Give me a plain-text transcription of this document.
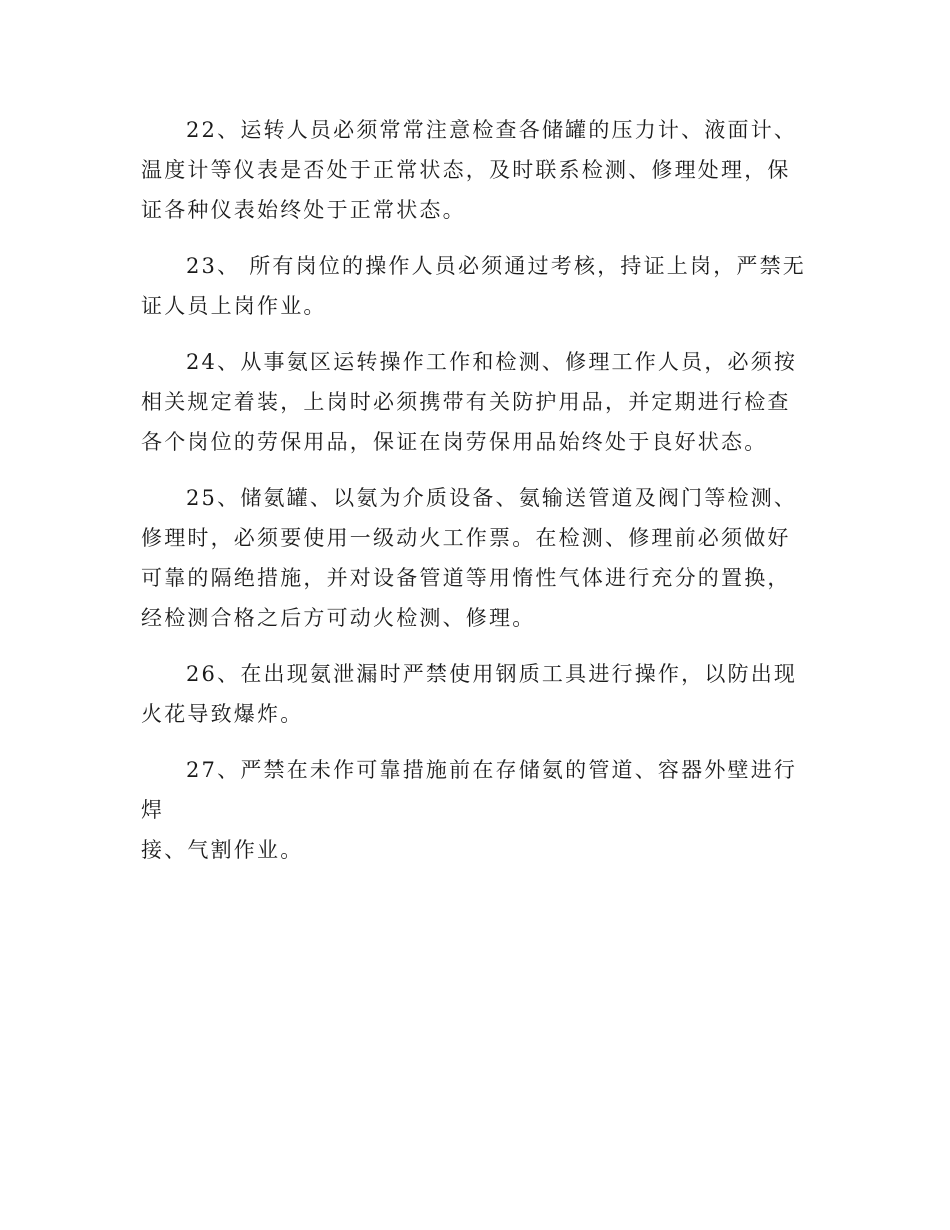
22、运转人员必须常常注意检查各储罐的压力计、液面计、温度计等仪表是否处于正常状态，及时联系检测、修理处理，保证各种仪表始终处于正常状态。

23、 所有岗位的操作人员必须通过考核，持证上岗，严禁无证人员上岗作业。

24、从事氨区运转操作工作和检测、修理工作人员，必须按相关规定着装，上岗时必须携带有关防护用品，并定期进行检查各个岗位的劳保用品，保证在岗劳保用品始终处于良好状态。

25、储氨罐、以氨为介质设备、氨输送管道及阀门等检测、修理时，必须要使用一级动火工作票。在检测、修理前必须做好可靠的隔绝措施，并对设备管道等用惰性气体进行充分的置换，经检测合格之后方可动火检测、修理。

26、在出现氨泄漏时严禁使用钢质工具进行操作，以防出现火花导致爆炸。

27、严禁在未作可靠措施前在存储氨的管道、容器外壁进行焊
接、气割作业。
